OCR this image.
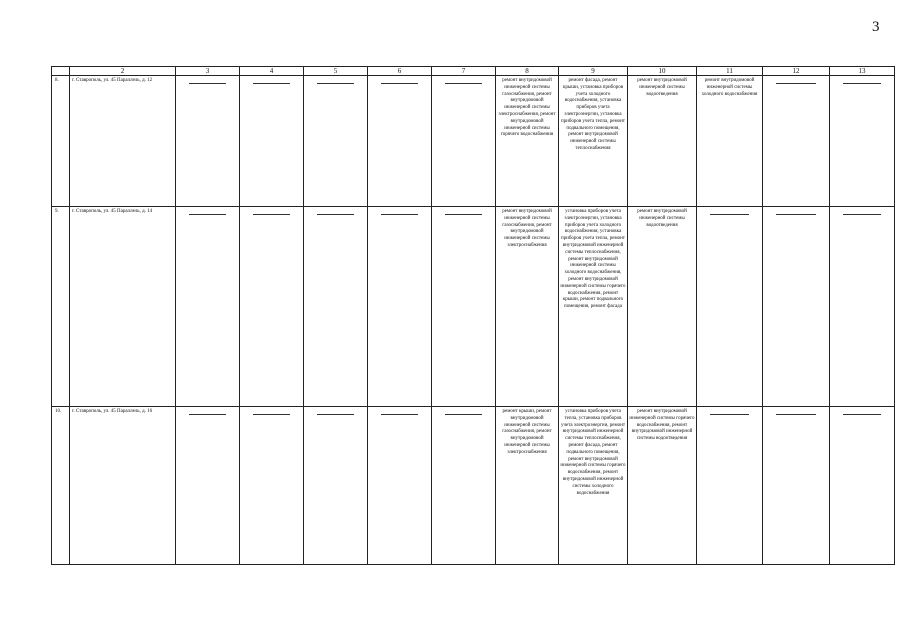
3
	2	3	4	5	6	7	8	9	10	11	12	13
8.	г. Ставрополь, ул. 45 Параллель, д. 12						ремонт внутридомовой инженерной системы газоснабжения, ремонт внутридомовой инженерной системы электроснабжения, ремонт внутридомовой инженерной системы горячего водоснабжения	ремонт фасада, ремонт крыши, установка приборов учета холодного водоснабжения, установка приборов учета электроэнергии, установка приборов учета тепла, ремонт подвального помещения, ремонт внутридомовой инженерной системы теплоснабжения	ремонт внутридомовой инженерной системы водоотведения	ремонт внутридомовой инженерной системы холодного водоснабжения	

9.	г. Ставрополь, ул. 45 Параллель, д. 14						ремонт внутридомовой инженерной системы газоснабжения, ремонт внутридомовой инженерной системы электроснабжения	установка приборов учета электроэнергии, установка приборов учета холодного водоснабжения, установка приборов учета тепла, ремонт внутридомовой инженерной системы теплоснабжения, ремонт внутридомовой инженерной системы холодного водоснабжения, ремонт внутридомовой инженерной системы горячего водоснабжения, ремонт крыши, ремонт подвального помещения, ремонт фасада	ремонт внутридомовой инженерной системы водоотведения	

10.	г. Ставрополь, ул. 45 Параллель, д. 16						ремонт крыши, ремонт внутридомовой инженерной системы газоснабжения, ремонт внутридомовой инженерной системы электроснабжения	установка приборов учета тепла, установка приборов учета электроэнергии, ремонт внутридомовой инженерной системы теплоснабжения, ремонт фасада, ремонт подвального помещения, ремонт внутридомовой инженерной системы горячего водоснабжения, ремонт внутридомовой инженерной системы холодного водоснабжения	ремонт внутридомовой инженерной системы горячего водоснабжения, ремонт внутридомовой инженерной системы водоотведения	
